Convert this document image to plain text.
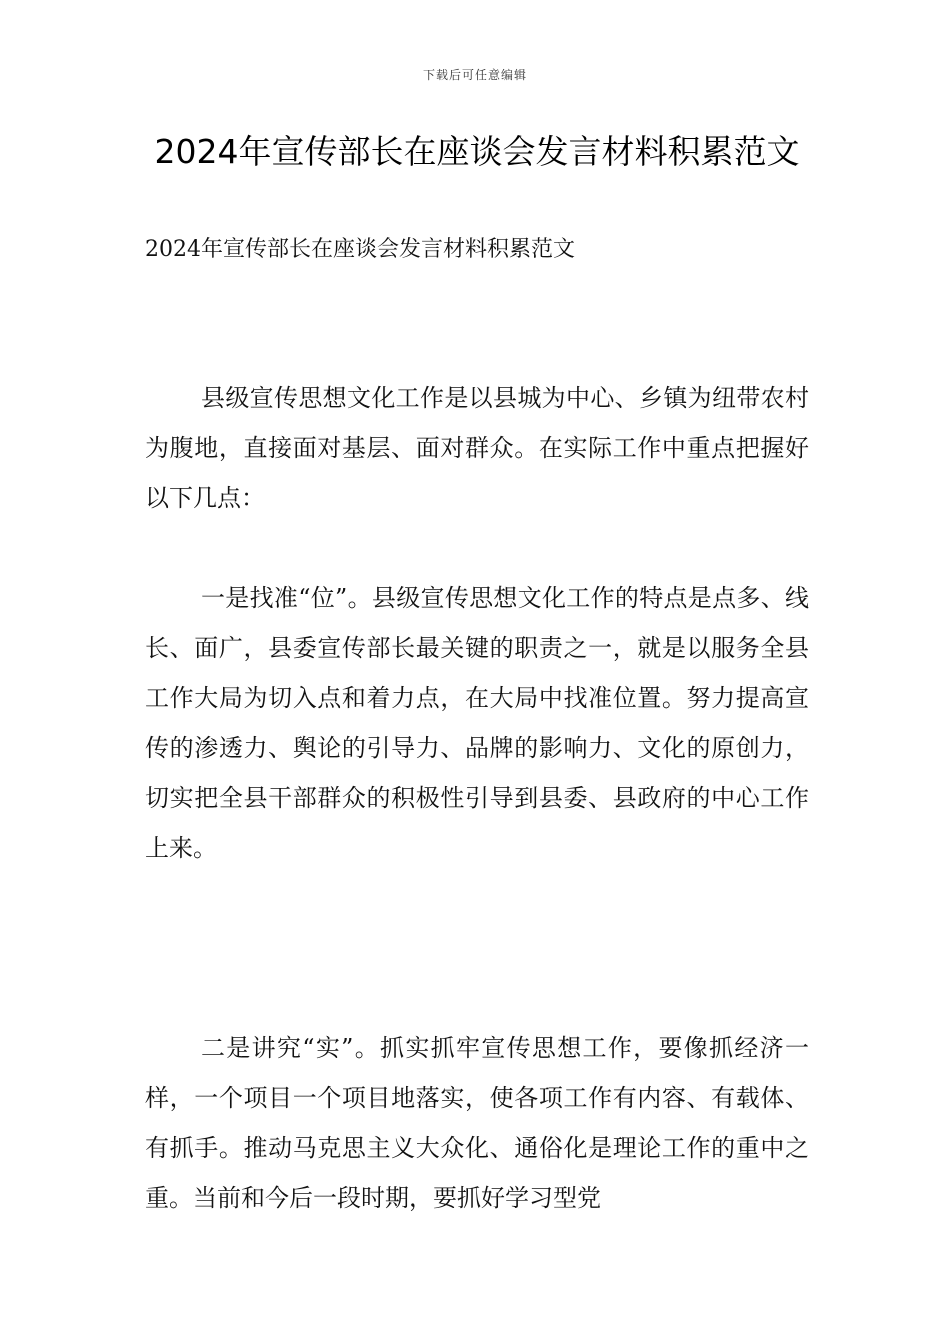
下载后可任意编辑
2024年宣传部长在座谈会发言材料积累范文
2024年宣传部长在座谈会发言材料积累范文

县级宣传思想文化工作是以县城为中心、乡镇为纽带农村为腹地，直接面对基层、面对群众。在实际工作中重点把握好以下几点：

一是找准“位”。县级宣传思想文化工作的特点是点多、线长、面广，县委宣传部长最关键的职责之一，就是以服务全县工作大局为切入点和着力点，在大局中找准位置。努力提高宣传的渗透力、舆论的引导力、品牌的影响力、文化的原创力，切实把全县干部群众的积极性引导到县委、县政府的中心工作上来。

二是讲究“实”。抓实抓牢宣传思想工作，要像抓经济一样，一个项目一个项目地落实，使各项工作有内容、有载体、有抓手。推动马克思主义大众化、通俗化是理论工作的重中之重。当前和今后一段时期，要抓好学习型党
